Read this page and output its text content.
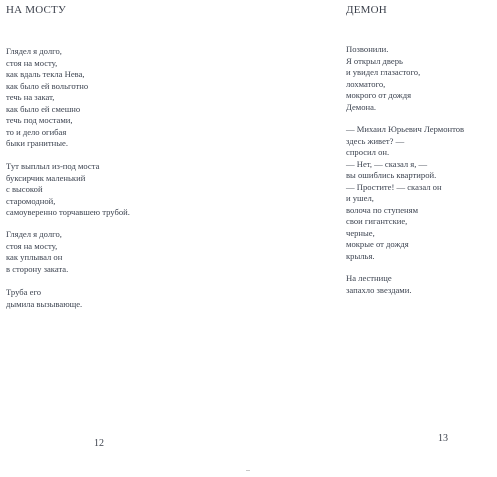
НА МОСТУ

Глядел я долго,
стоя на мосту,
как вдаль текла Нева,
как было ей вольготно
течь на закат,
как было ей смешно
течь под мостами,
то и дело огибая
быки гранитные.

Тут выплыл из-под моста
буксирчик маленький
с высокой
старомодной,
самоуверенно торчавшею трубой.

Глядел я долго,
стоя на мосту,
как уплывал он
в сторону заката.

Труба его
дымила вызывающе.

12
ДЕМОН

Позвонили.
Я открыл дверь
и увидел глазастого,
лохматого,
мокрого от дождя
Демона.

— Михаил Юрьевич Лермонтов
здесь живет? —
спросил он.
— Нет, — сказал я, —
вы ошиблись квартирой.
— Простите! — сказал он
и ушел,
волоча по ступеням
свои гигантские,
черные,
мокрые от дождя
крылья.

На лестнице
запахло звездами.

13
